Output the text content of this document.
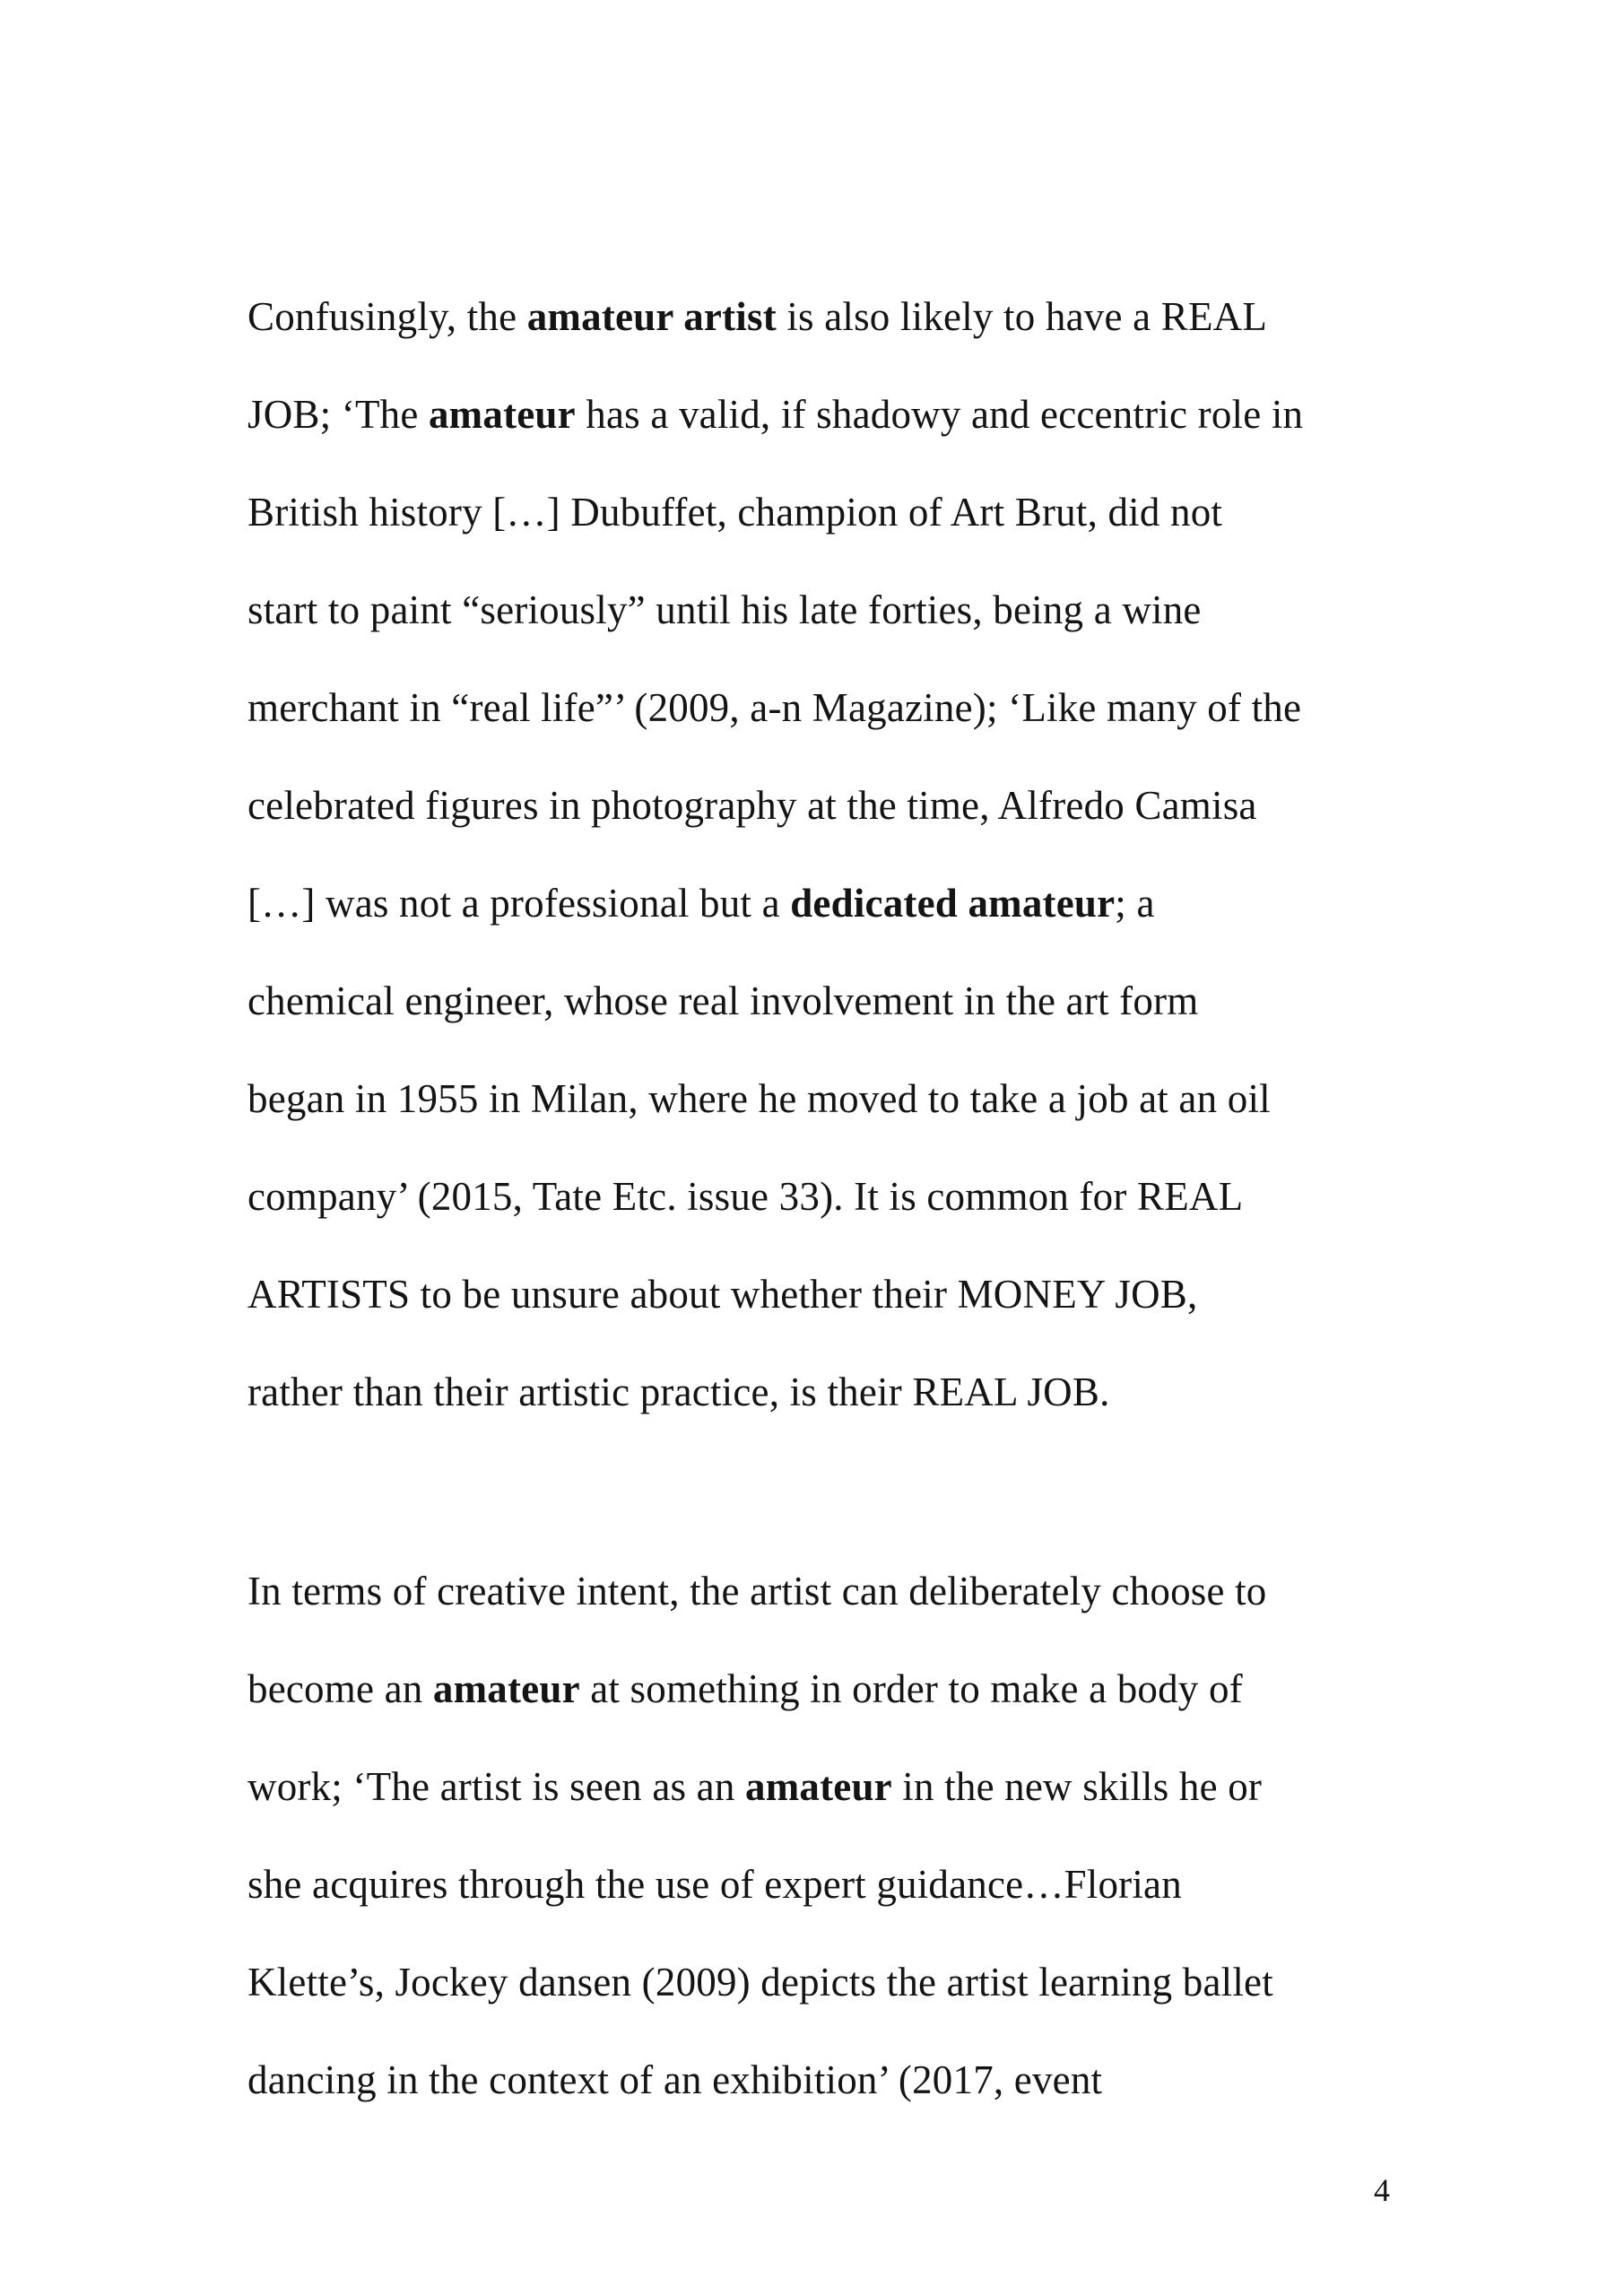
Confusingly, the amateur artist is also likely to have a REAL
JOB; ‘The amateur has a valid, if shadowy and eccentric role in
British history […] Dubuffet, champion of Art Brut, did not
start to paint “seriously” until his late forties, being a wine
merchant in “real life”’ (2009, a-n Magazine); ‘Like many of the
celebrated figures in photography at the time, Alfredo Camisa
[…] was not a professional but a dedicated amateur; a
chemical engineer, whose real involvement in the art form
began in 1955 in Milan, where he moved to take a job at an oil
company’ (2015, Tate Etc. issue 33). It is common for REAL
ARTISTS to be unsure about whether their MONEY JOB,
rather than their artistic practice, is their REAL JOB.
In terms of creative intent, the artist can deliberately choose to
become an amateur at something in order to make a body of
work; ‘The artist is seen as an amateur in the new skills he or
she acquires through the use of expert guidance…Florian
Klette’s, Jockey dansen (2009) depicts the artist learning ballet
dancing in the context of an exhibition’ (2017, event
4
